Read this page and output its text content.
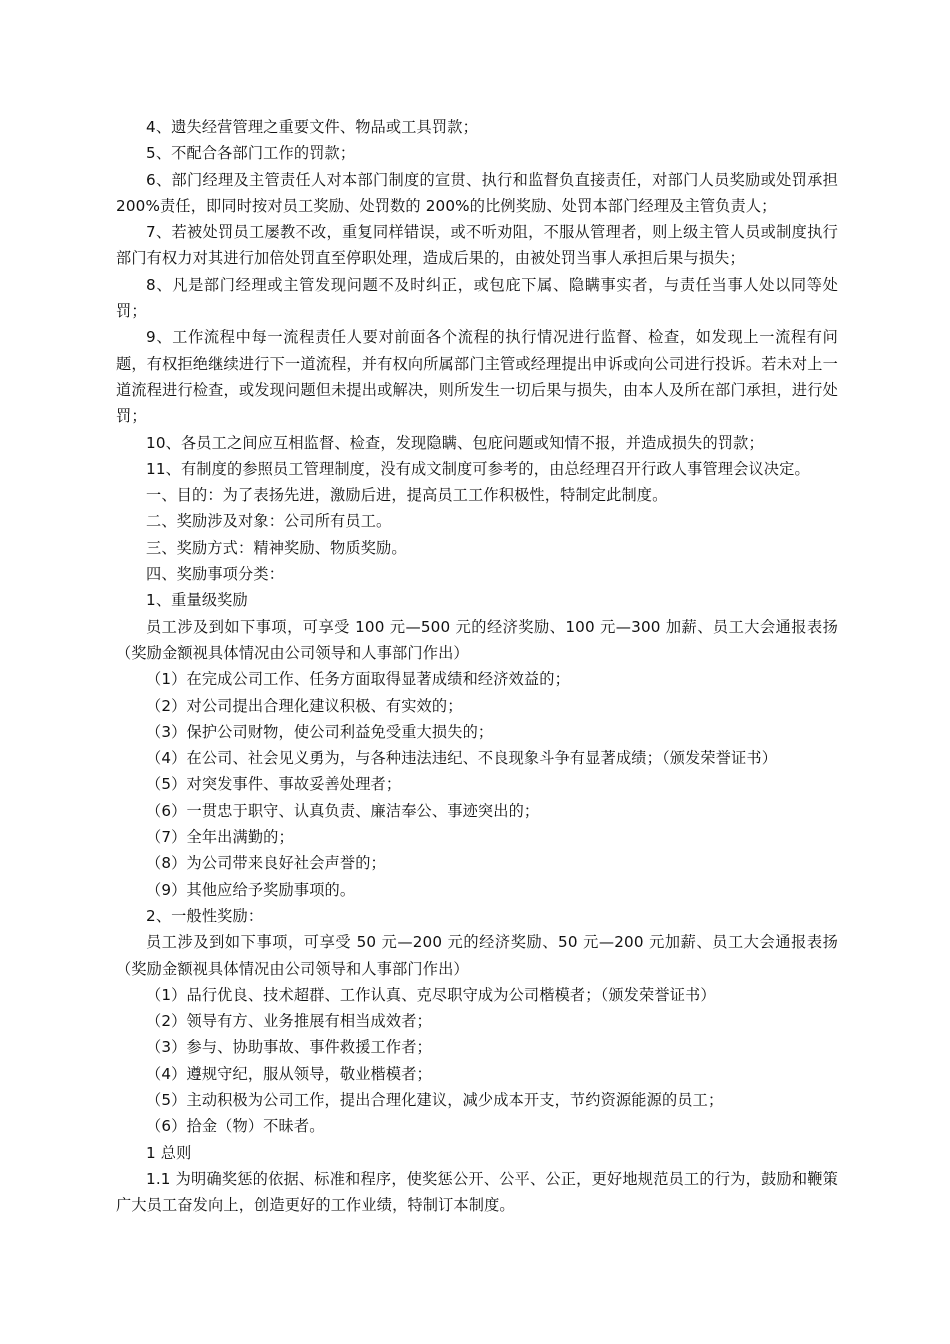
4、遗失经营管理之重要文件、物品或工具罚款；

5、不配合各部门工作的罚款；

6、部门经理及主管责任人对本部门制度的宣贯、执行和监督负直接责任，对部门人员奖励或处罚承担 200%责任，即同时按对员工奖励、处罚数的 200%的比例奖励、处罚本部门经理及主管负责人；

7、若被处罚员工屡教不改，重复同样错误，或不听劝阻，不服从管理者，则上级主管人员或制度执行部门有权力对其进行加倍处罚直至停职处理，造成后果的，由被处罚当事人承担后果与损失；

8、凡是部门经理或主管发现问题不及时纠正，或包庇下属、隐瞒事实者，与责任当事人处以同等处罚；

9、工作流程中每一流程责任人要对前面各个流程的执行情况进行监督、检查，如发现上一流程有问题，有权拒绝继续进行下一道流程，并有权向所属部门主管或经理提出申诉或向公司进行投诉。若未对上一道流程进行检查，或发现问题但未提出或解决，则所发生一切后果与损失，由本人及所在部门承担，进行处罚；

10、各员工之间应互相监督、检查，发现隐瞒、包庇问题或知情不报，并造成损失的罚款；

11、有制度的参照员工管理制度，没有成文制度可参考的，由总经理召开行政人事管理会议决定。

一、目的：为了表扬先进，激励后进，提高员工工作积极性，特制定此制度。

二、奖励涉及对象：公司所有员工。

三、奖励方式：精神奖励、物质奖励。

四、奖励事项分类：

1、重量级奖励

员工涉及到如下事项，可享受 100 元—500 元的经济奖励、100 元—300 加薪、员工大会通报表扬（奖励金额视具体情况由公司领导和人事部门作出）

（1）在完成公司工作、任务方面取得显著成绩和经济效益的；

（2）对公司提出合理化建议积极、有实效的；

（3）保护公司财物，使公司利益免受重大损失的；

（4）在公司、社会见义勇为，与各种违法违纪、不良现象斗争有显著成绩；（颁发荣誉证书）

（5）对突发事件、事故妥善处理者；

（6）一贯忠于职守、认真负责、廉洁奉公、事迹突出的；

（7）全年出满勤的；

（8）为公司带来良好社会声誉的；

（9）其他应给予奖励事项的。

2、一般性奖励：

员工涉及到如下事项，可享受 50 元—200 元的经济奖励、50 元—200 元加薪、员工大会通报表扬（奖励金额视具体情况由公司领导和人事部门作出）

（1）品行优良、技术超群、工作认真、克尽职守成为公司楷模者；（颁发荣誉证书）

（2）领导有方、业务推展有相当成效者；

（3）参与、协助事故、事件救援工作者；

（4）遵规守纪，服从领导，敬业楷模者；

（5）主动积极为公司工作，提出合理化建议，减少成本开支，节约资源能源的员工；

（6）拾金（物）不昧者。

1 总则

1.1 为明确奖惩的依据、标准和程序，使奖惩公开、公平、公正，更好地规范员工的行为，鼓励和鞭策广大员工奋发向上，创造更好的工作业绩，特制订本制度。
